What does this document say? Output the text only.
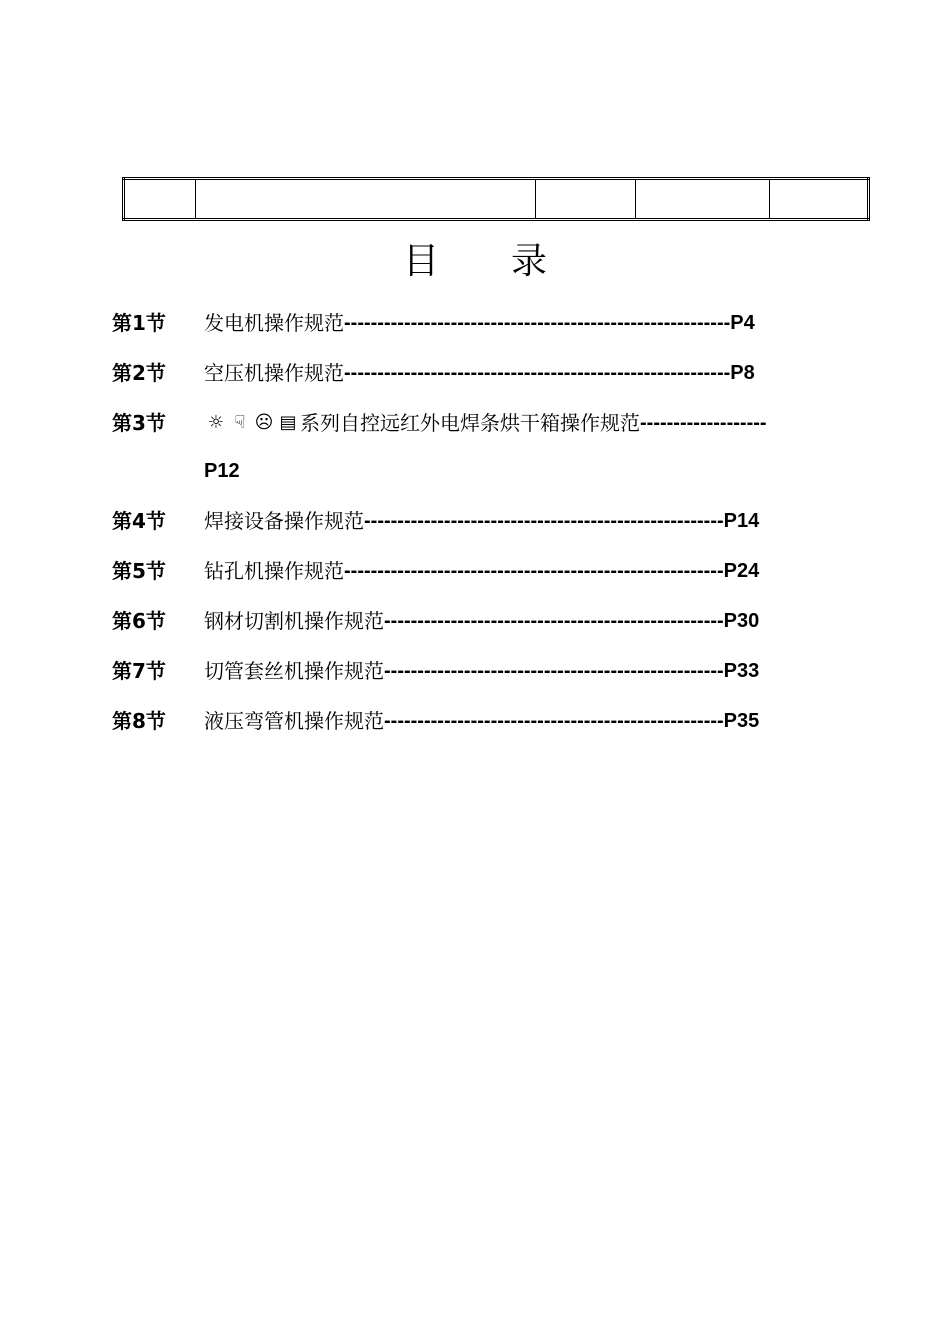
目　　录
第1节	发电机操作规范 ---------------------------------------------------------- P4
第2节	空压机操作规范 ---------------------------------------------------------- P8
第3节	☼ ☟ ☹ ▤ 系列自控远红外电焊条烘干箱操作规范 -------------------
P12
第4节	焊接设备操作规范 ------------------------------------------------------ P14
第5节	钻孔机操作规范 --------------------------------------------------------- P24
第6节	钢材切割机操作规范 --------------------------------------------------- P30
第7节	切管套丝机操作规范 --------------------------------------------------- P33
第8节	液压弯管机操作规范 --------------------------------------------------- P35
